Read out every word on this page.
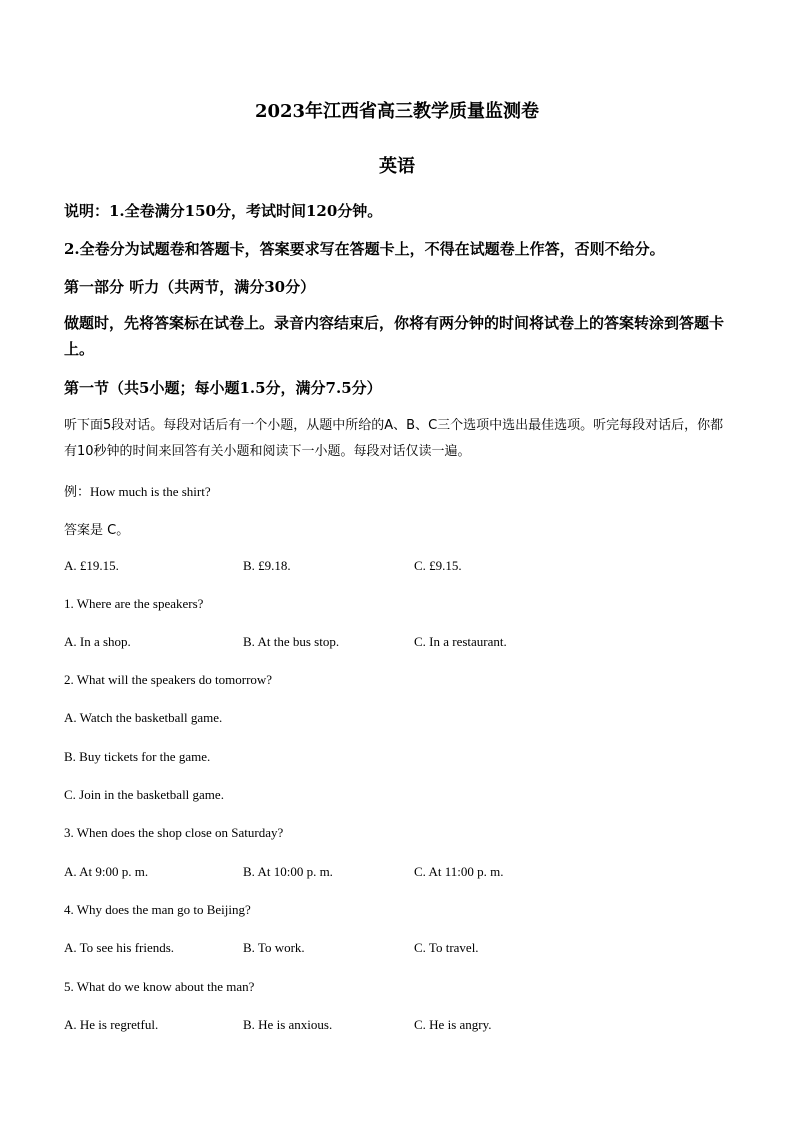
2023年江西省高三教学质量监测卷
英语

说明：1.全卷满分150分，考试时间120分钟。

2.全卷分为试题卷和答题卡，答案要求写在答题卡上，不得在试题卷上作答，否则不给分。

第一部分 听力（共两节，满分30分）

做题时，先将答案标在试卷上。录音内容结束后，你将有两分钟的时间将试卷上的答案转涂到答题卡上。

第一节（共5小题；每小题1.5分，满分7.5分）

听下面5段对话。每段对话后有一个小题，从题中所给的A、B、C三个选项中选出最佳选项。听完每段对话后，你都有10秒钟的时间来回答有关小题和阅读下一小题。每段对话仅读一遍。

例：How much is the shirt?

答案是 C。

A. £19.15.	B. £9.18.	C. £9.15.

1. Where are the speakers?

A. In a shop.	B. At the bus stop.	C. In a restaurant.

2. What will the speakers do tomorrow?

A. Watch the basketball game.

B. Buy tickets for the game.

C. Join in the basketball game.

3. When does the shop close on Saturday?

A. At 9:00 p. m.	B. At 10:00 p. m.	C. At 11:00 p. m.

4. Why does the man go to Beijing?

A. To see his friends.	B. To work.	C. To travel.

5. What do we know about the man?

A. He is regretful.	B. He is anxious.	C. He is angry.
